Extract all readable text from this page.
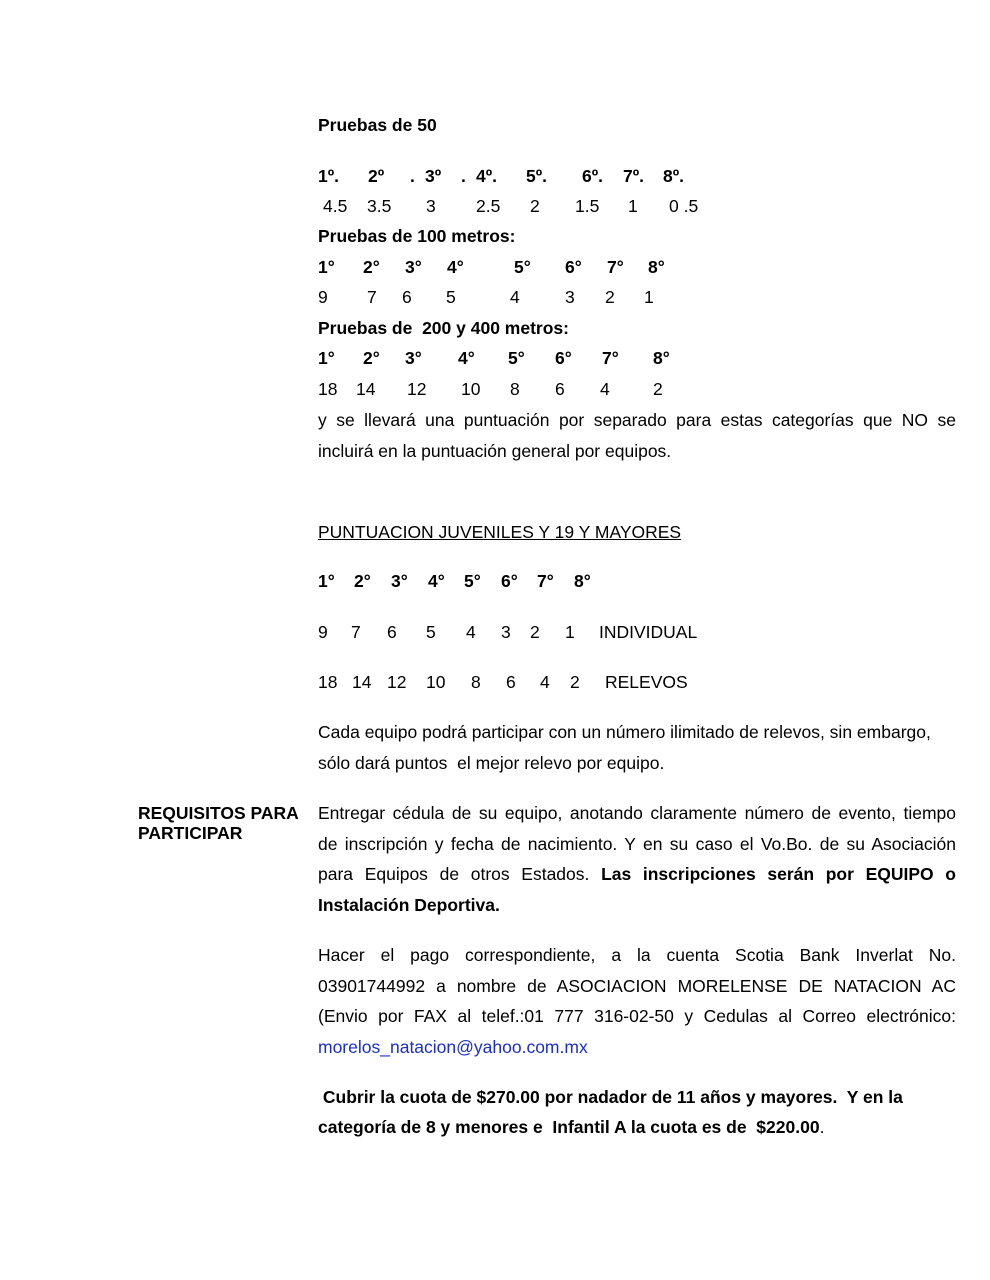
Pruebas de 50
1º. 2º . 3º . 4º. 5º. 6º. 7º. 8º.
4.5 3.5 3 2.5 2 1.5 1 0 .5
Pruebas de 100 metros:
1° 2° 3° 4°	5° 6° 7° 8°
9 7 6 5	4	3 2 1
Pruebas de  200 y 400 metros:
1° 2° 3° 4° 5° 6° 7° 8°
18 14 12 10 8 6 4 2
y se llevará una puntuación por separado para estas categorías que NO se
incluirá en la puntuación general por equipos.
PUNTUACION JUVENILES Y 19 Y MAYORES
1° 2° 3° 4° 5° 6° 7° 8°
9 7 6 5 4 3 2 1 INDIVIDUAL
18 14 12 10 8 6 4 2 RELEVOS
Cada equipo podrá participar con un número ilimitado de relevos, sin embargo,
sólo dará puntos  el mejor relevo por equipo.
REQUISITOS PARA
PARTICIPAR
Entregar cédula de su equipo, anotando claramente número de evento, tiempo
de inscripción y fecha de nacimiento. Y en su caso el Vo.Bo. de su Asociación
para Equipos de otros Estados. Las inscripciones serán por EQUIPO o
Instalación Deportiva.
Hacer el pago correspondiente, a la cuenta Scotia Bank Inverlat No.
03901744992 a nombre de ASOCIACION MORELENSE DE NATACION AC
(Envio por FAX al telef.:01 777 316-02-50 y Cedulas al Correo electrónico:
morelos_natacion@yahoo.com.mx
Cubrir la cuota de $270.00 por nadador de 11 años y mayores.  Y en la
categoría de 8 y menores e  Infantil A la cuota es de  $220.00.
